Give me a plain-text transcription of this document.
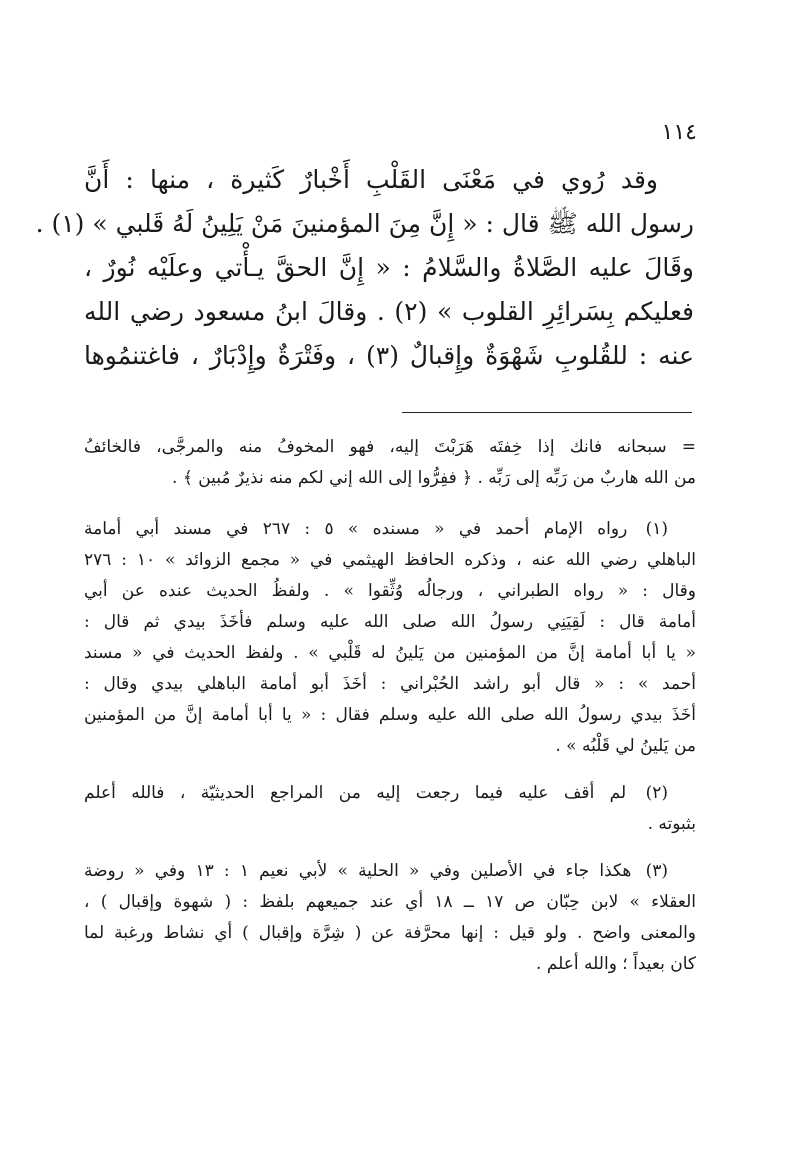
١١٤
وقد رُوي في مَعْنَى القَلْبِ أَخْبارٌ كَثيرة ، منها : أَنَّ
رسول الله ﷺ قال : « إِنَّ مِنَ المؤمنينَ مَنْ يَلِينُ لَهُ قَلبي » (١) .
وقَالَ عليه الصَّلاةُ والسَّلامُ : « إِنَّ الحقَّ يـأْتي وعلَيْه نُورٌ ،
فعليكم بِسَرائِرِ القلوب » (٢) . وقالَ ابنُ مسعود رضي الله
عنه : للقُلوبِ شَهْوَةٌ وإِقبالٌ (٣) ، وفَتْرَةٌ وإِدْبَارٌ ، فاغتنمُوها
= سبحانه فانك إذا خِفتَه هَرَبْتَ إليه، فهو المخوفُ منه والمرجَّى، فالخائفُ
من الله هاربٌ من رَبِّه إلى رَبِّه . ﴿ ففِرُّوا إلى الله إني لكم منه نذيرٌ مُبين ﴾ .
(١) رواه الإمام أحمد في « مسنده » ٥ : ٢٦٧ في مسند أبي أمامة
الباهلي رضي الله عنه ، وذكره الحافظ الهيثمي في « مجمع الزوائد » ١٠ : ٢٧٦
وقال : « رواه الطبراني ، ورجالُه وُثِّقوا » . ولفظُ الحديث عنده عن أبي
أمامة قال : لَقِيَنِي رسولُ الله صلى الله عليه وسلم فأخَذَ بيدي ثم قال :
« يا أبا أمامة إنَّ من المؤمنين من يَلينُ له قَلْبي » . ولفظ الحديث في « مسند
أحمد » : « قال أبو راشد الحُبْراني : أخَذَ أبو أمامة الباهلي بيدي وقال :
أخَذَ بيدي رسولُ الله صلى الله عليه وسلم فقال : « يا أبا أمامة إنَّ من المؤمنين
من يَلينُ لي قَلْبُه » .
(٢) لم أقف عليه فيما رجعت إليه من المراجع الحديثيّة ، فالله أعلم
بثبوته .
(٣) هكذا جاء في الأصلين وفي « الحلية » لأبي نعيم ١ : ١٣ وفي « روضة
العقلاء » لابن حِبّان ص ١٧ ــ ١٨ أي عند جميعهم بلفظ : ( شهوة وإقبال ) ،
والمعنى واضح . ولو قيل : إنها محرَّفة عن ( شِرَّة وإقبال ) أي نشاط ورغبة لما
كان بعيداً ؛ والله أعلم .
